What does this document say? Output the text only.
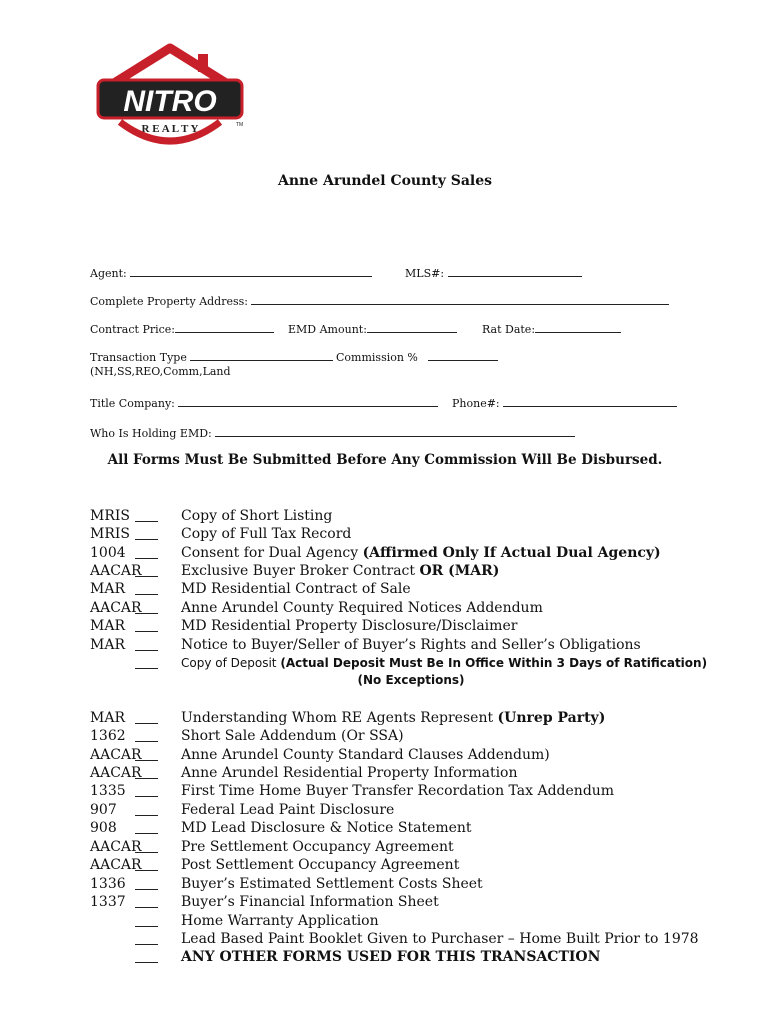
NITRO
R E A L T Y	TM
Anne Arundel County Sales
Agent:	MLS#:
Complete Property Address:
Contract Price:	EMD Amount:	Rat Date:
Transaction Type	Commission %
(NH,SS,REO,Comm,Land
Title Company:	Phone#:
Who Is Holding EMD:
All Forms Must Be Submitted Before Any Commission Will Be Disbursed.
MRIS	Copy of Short Listing
MRIS	Copy of Full Tax Record
1004	Consent for Dual Agency (Affirmed Only If Actual Dual Agency)
AACAR	Exclusive Buyer Broker Contract OR (MAR)
MAR	MD Residential Contract of Sale
AACAR	Anne Arundel County Required Notices Addendum
MAR	MD Residential Property Disclosure/Disclaimer
MAR	Notice to Buyer/Seller of Buyer’s Rights and Seller’s Obligations
Copy of Deposit (Actual Deposit Must Be In Office Within 3 Days of Ratification)
(No Exceptions)
MAR	Understanding Whom RE Agents Represent (Unrep Party)
1362	Short Sale Addendum (Or SSA)
AACAR	Anne Arundel County Standard Clauses Addendum)
AACAR	Anne Arundel Residential Property Information
1335	First Time Home Buyer Transfer Recordation Tax Addendum
907	Federal Lead Paint Disclosure
908	MD Lead Disclosure & Notice Statement
AACAR	Pre Settlement Occupancy Agreement
AACAR	Post Settlement Occupancy Agreement
1336	Buyer’s Estimated Settlement Costs Sheet
1337	Buyer’s Financial Information Sheet
Home Warranty Application
Lead Based Paint Booklet Given to Purchaser – Home Built Prior to 1978
ANY OTHER FORMS USED FOR THIS TRANSACTION
